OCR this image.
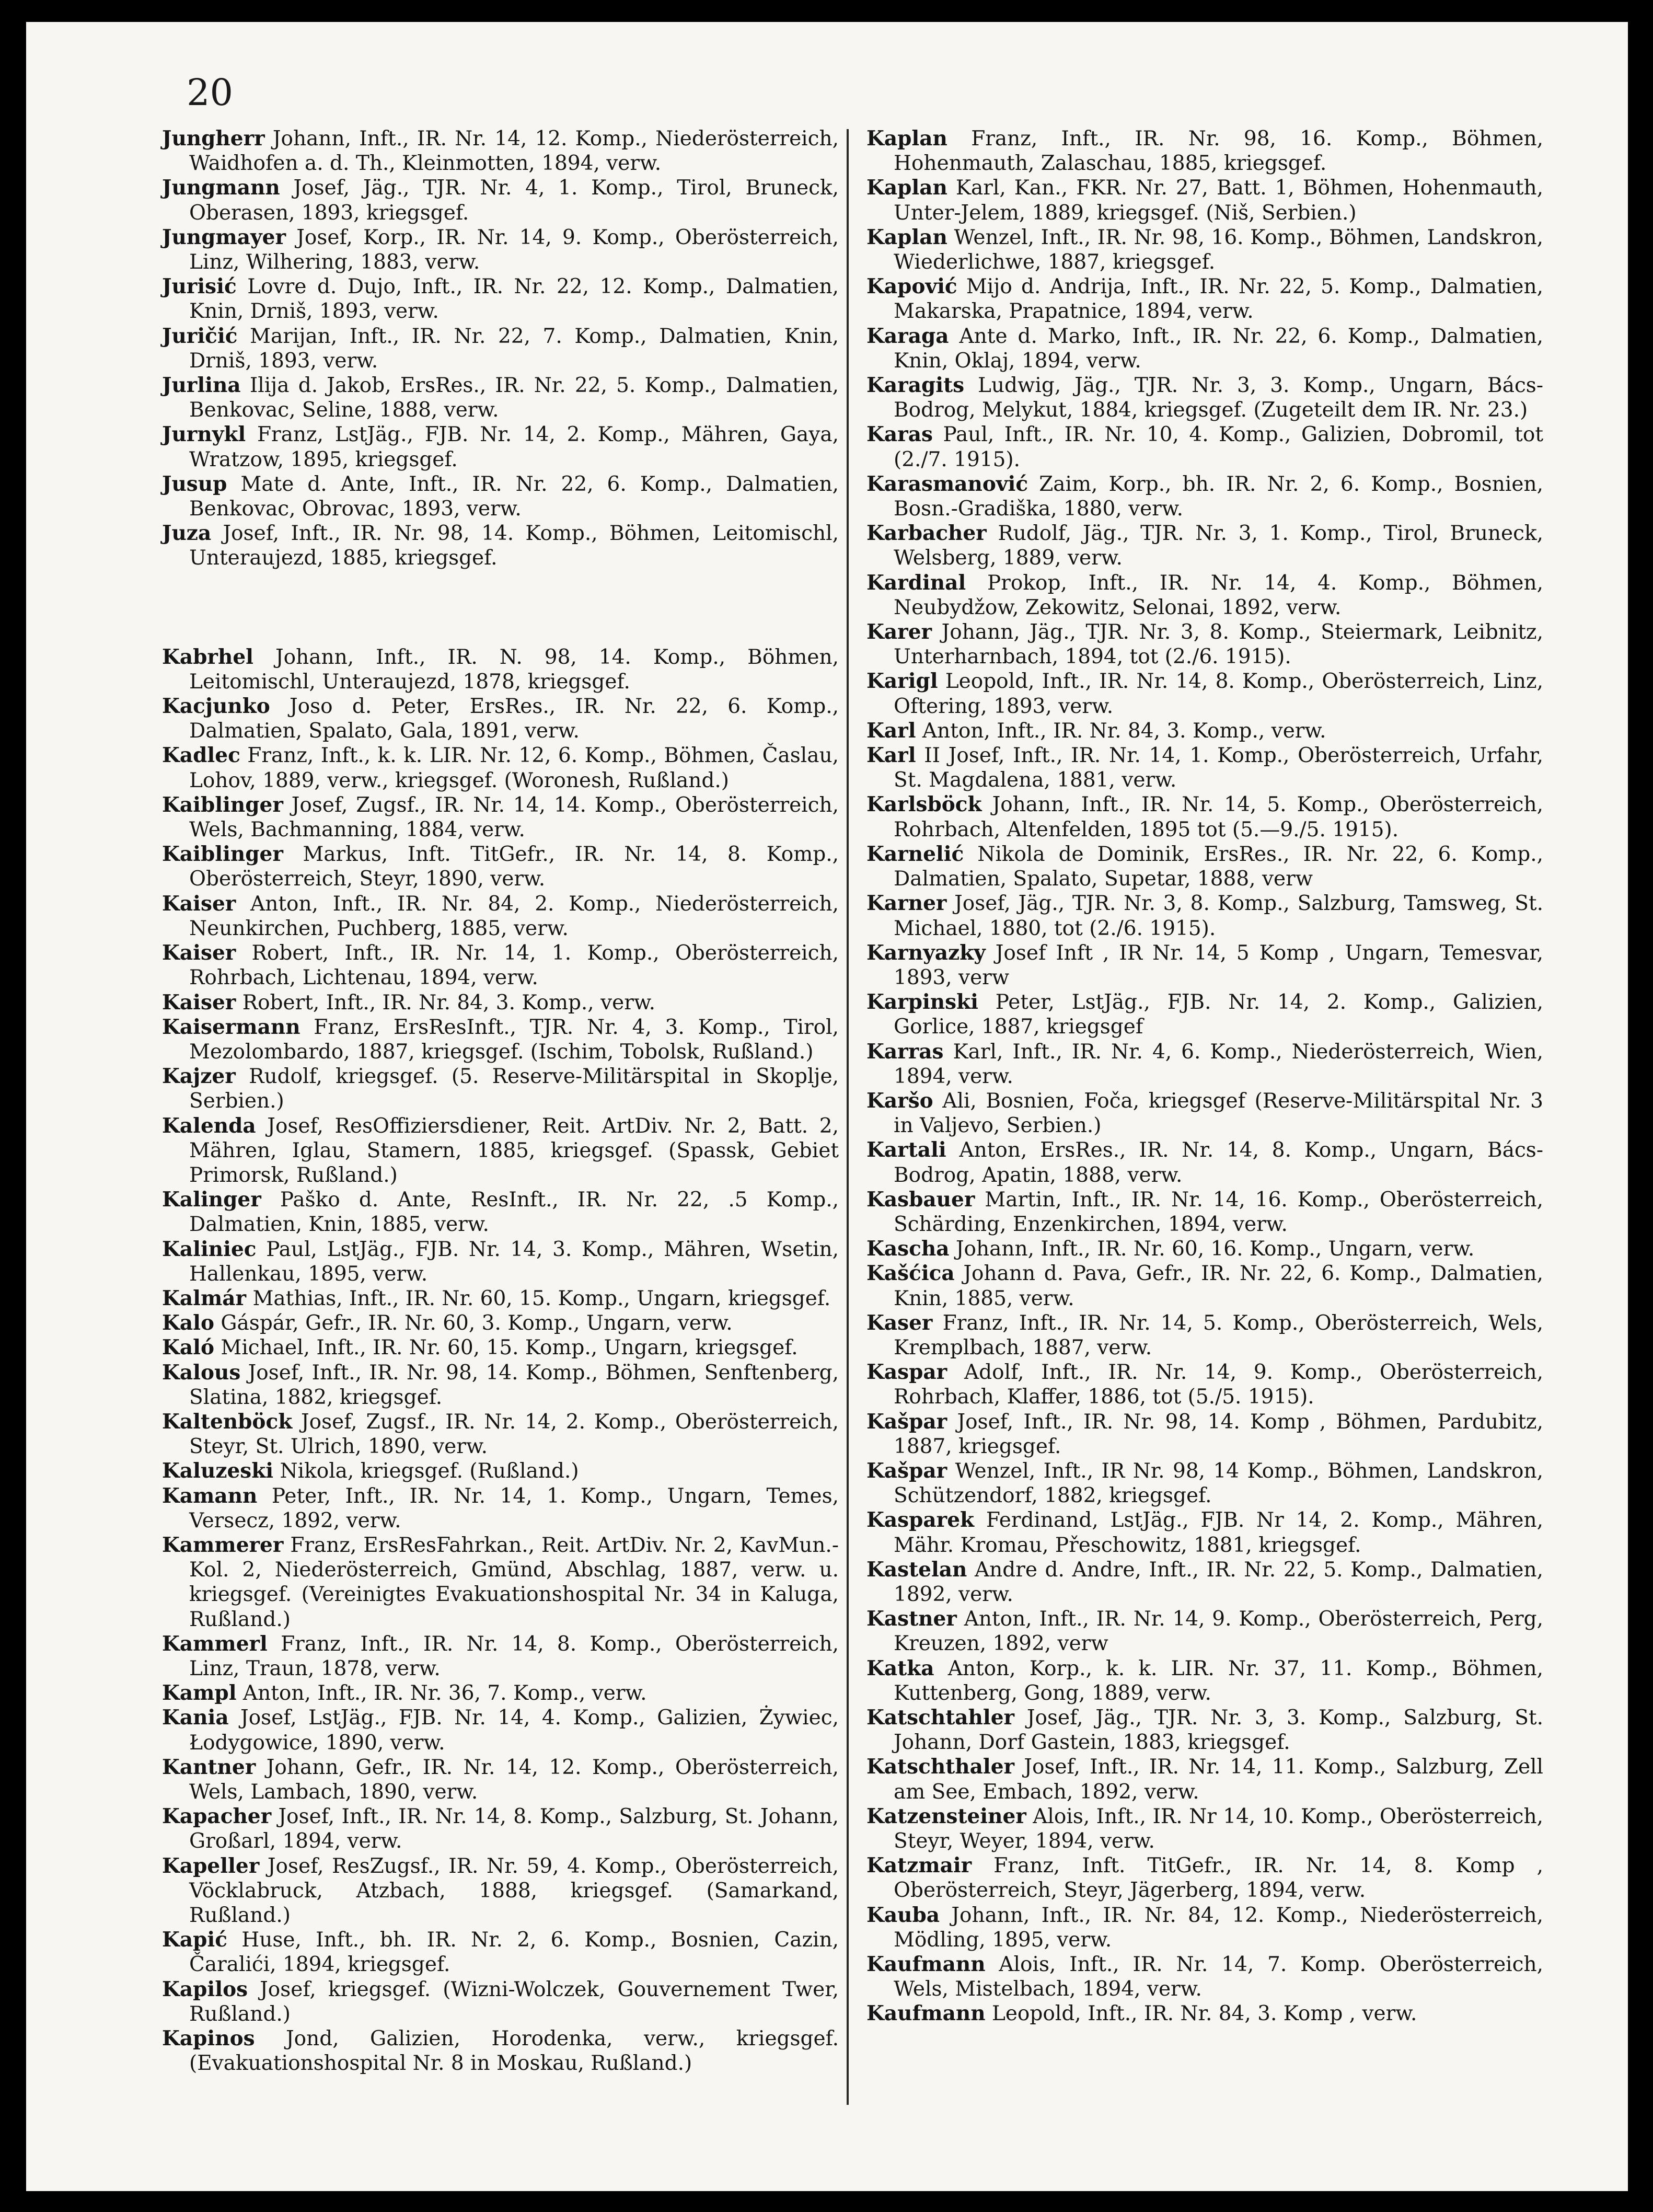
20

Jungherr Johann, Inft., IR. Nr. 14, 12. Komp., Niederösterreich, Waidhofen a. d. Th., Kleinmotten, 1894, verw.

Jungmann Josef, Jäg., TJR. Nr. 4, 1. Komp., Tirol, Bruneck, Oberasen, 1893, kriegsgef.

Jungmayer Josef, Korp., IR. Nr. 14, 9. Komp., Oberösterreich, Linz, Wilhering, 1883, verw.

Jurisić Lovre d. Dujo, Inft., IR. Nr. 22, 12. Komp., Dalmatien, Knin, Drniš, 1893, verw.

Juričić Marijan, Inft., IR. Nr. 22, 7. Komp., Dalmatien, Knin, Drniš, 1893, verw.

Jurlina Ilija d. Jakob, ErsRes., IR. Nr. 22, 5. Komp., Dalmatien, Benkovac, Seline, 1888, verw.

Jurnykl Franz, LstJäg., FJB. Nr. 14, 2. Komp., Mähren, Gaya, Wratzow, 1895, kriegsgef.

Jusup Mate d. Ante, Inft., IR. Nr. 22, 6. Komp., Dalmatien, Benkovac, Obrovac, 1893, verw.

Juza Josef, Inft., IR. Nr. 98, 14. Komp., Böhmen, Leitomischl, Unteraujezd, 1885, kriegsgef.

Kabrhel Johann, Inft., IR. N. 98, 14. Komp., Böhmen, Leitomischl, Unteraujezd, 1878, kriegsgef.

Kacjunko Joso d. Peter, ErsRes., IR. Nr. 22, 6. Komp., Dalmatien, Spalato, Gala, 1891, verw.

Kadlec Franz, Inft., k. k. LIR. Nr. 12, 6. Komp., Böhmen, Časlau, Lohov, 1889, verw., kriegsgef. (Woronesh, Rußland.)

Kaiblinger Josef, Zugsf., IR. Nr. 14, 14. Komp., Oberösterreich, Wels, Bachmanning, 1884, verw.

Kaiblinger Markus, Inft. TitGefr., IR. Nr. 14, 8. Komp., Oberösterreich, Steyr, 1890, verw.

Kaiser Anton, Inft., IR. Nr. 84, 2. Komp., Niederösterreich, Neunkirchen, Puchberg, 1885, verw.

Kaiser Robert, Inft., IR. Nr. 14, 1. Komp., Oberösterreich, Rohrbach, Lichtenau, 1894, verw.

Kaiser Robert, Inft., IR. Nr. 84, 3. Komp., verw.

Kaisermann Franz, ErsResInft., TJR. Nr. 4, 3. Komp., Tirol, Mezolombardo, 1887, kriegsgef. (Ischim, Tobolsk, Rußland.)

Kajzer Rudolf, kriegsgef. (5. Reserve-Militärspital in Skoplje, Serbien.)

Kalenda Josef, ResOffiziersdiener, Reit. ArtDiv. Nr. 2, Batt. 2, Mähren, Iglau, Stamern, 1885, kriegsgef. (Spassk, Gebiet Primorsk, Rußland.)

Kalinger Paško d. Ante, ResInft., IR. Nr. 22, .5 Komp., Dalmatien, Knin, 1885, verw.

Kaliniec Paul, LstJäg., FJB. Nr. 14, 3. Komp., Mähren, Wsetin, Hallenkau, 1895, verw.

Kalmár Mathias, Inft., IR. Nr. 60, 15. Komp., Ungarn, kriegsgef.

Kalo Gáspár, Gefr., IR. Nr. 60, 3. Komp., Ungarn, verw.

Kaló Michael, Inft., IR. Nr. 60, 15. Komp., Ungarn, kriegsgef.

Kalous Josef, Inft., IR. Nr. 98, 14. Komp., Böhmen, Senftenberg, Slatina, 1882, kriegsgef.

Kaltenböck Josef, Zugsf., IR. Nr. 14, 2. Komp., Oberösterreich, Steyr, St. Ulrich, 1890, verw.

Kaluzeski Nikola, kriegsgef. (Rußland.)

Kamann Peter, Inft., IR. Nr. 14, 1. Komp., Ungarn, Temes, Versecz, 1892, verw.

Kammerer Franz, ErsResFahrkan., Reit. ArtDiv. Nr. 2, KavMun.-Kol. 2, Niederösterreich, Gmünd, Abschlag, 1887, verw. u. kriegsgef. (Vereinigtes Evakuationshospital Nr. 34 in Kaluga, Rußland.)

Kammerl Franz, Inft., IR. Nr. 14, 8. Komp., Oberösterreich, Linz, Traun, 1878, verw.

Kampl Anton, Inft., IR. Nr. 36, 7. Komp., verw.

Kania Josef, LstJäg., FJB. Nr. 14, 4. Komp., Galizien, Żywiec, Łodygowice, 1890, verw.

Kantner Johann, Gefr., IR. Nr. 14, 12. Komp., Oberösterreich, Wels, Lambach, 1890, verw.

Kapacher Josef, Inft., IR. Nr. 14, 8. Komp., Salzburg, St. Johann, Großarl, 1894, verw.

Kapeller Josef, ResZugsf., IR. Nr. 59, 4. Komp., Oberösterreich, Vöcklabruck, Atzbach, 1888, kriegsgef. (Samarkand, Rußland.)

Kapić Huse, Inft., bh. IR. Nr. 2, 6. Komp., Bosnien, Cazin, Čaralići, 1894, kriegsgef.

Kapilos Josef, kriegsgef. (Wizni-Wolczek, Gouvernement Twer, Rußland.)

Kapinos Jond, Galizien, Horodenka, verw., kriegsgef. (Evakuationshospital Nr. 8 in Moskau, Rußland.)

Kaplan Franz, Inft., IR. Nr. 98, 16. Komp., Böhmen, Hohenmauth, Zalaschau, 1885, kriegsgef.

Kaplan Karl, Kan., FKR. Nr. 27, Batt. 1, Böhmen, Hohenmauth, Unter-Jelem, 1889, kriegsgef. (Niš, Serbien.)

Kaplan Wenzel, Inft., IR. Nr. 98, 16. Komp., Böhmen, Landskron, Wiederlichwe, 1887, kriegsgef.

Kapović Mijo d. Andrija, Inft., IR. Nr. 22, 5. Komp., Dalmatien, Makarska, Prapatnice, 1894, verw.

Karaga Ante d. Marko, Inft., IR. Nr. 22, 6. Komp., Dalmatien, Knin, Oklaj, 1894, verw.

Karagits Ludwig, Jäg., TJR. Nr. 3, 3. Komp., Ungarn, Bács-Bodrog, Melykut, 1884, kriegsgef. (Zugeteilt dem IR. Nr. 23.)

Karas Paul, Inft., IR. Nr. 10, 4. Komp., Galizien, Dobromil, tot (2./7. 1915).

Karasmanović Zaim, Korp., bh. IR. Nr. 2, 6. Komp., Bosnien, Bosn.-Gradiška, 1880, verw.

Karbacher Rudolf, Jäg., TJR. Nr. 3, 1. Komp., Tirol, Bruneck, Welsberg, 1889, verw.

Kardinal Prokop, Inft., IR. Nr. 14, 4. Komp., Böhmen, Neubydžow, Zekowitz, Selonai, 1892, verw.

Karer Johann, Jäg., TJR. Nr. 3, 8. Komp., Steiermark, Leibnitz, Unterharnbach, 1894, tot (2./6. 1915).

Karigl Leopold, Inft., IR. Nr. 14, 8. Komp., Oberösterreich, Linz, Oftering, 1893, verw.

Karl Anton, Inft., IR. Nr. 84, 3. Komp., verw.

Karl II Josef, Inft., IR. Nr. 14, 1. Komp., Oberösterreich, Urfahr, St. Magdalena, 1881, verw.

Karlsböck Johann, Inft., IR. Nr. 14, 5. Komp., Oberösterreich, Rohrbach, Altenfelden, 1895 tot (5.—9./5. 1915).

Karnelić Nikola de Dominik, ErsRes., IR. Nr. 22, 6. Komp., Dalmatien, Spalato, Supetar, 1888, verw

Karner Josef, Jäg., TJR. Nr. 3, 8. Komp., Salzburg, Tamsweg, St. Michael, 1880, tot (2./6. 1915).

Karnyazky Josef Inft , IR Nr. 14, 5 Komp , Ungarn, Temesvar, 1893, verw

Karpinski Peter, LstJäg., FJB. Nr. 14, 2. Komp., Galizien, Gorlice, 1887, kriegsgef

Karras Karl, Inft., IR. Nr. 4, 6. Komp., Niederösterreich, Wien, 1894, verw.

Karšo Ali, Bosnien, Foča, kriegsgef (Reserve-Militärspital Nr. 3 in Valjevo, Serbien.)

Kartali Anton, ErsRes., IR. Nr. 14, 8. Komp., Ungarn, Bács-Bodrog, Apatin, 1888, verw.

Kasbauer Martin, Inft., IR. Nr. 14, 16. Komp., Oberösterreich, Schärding, Enzenkirchen, 1894, verw.

Kascha Johann, Inft., IR. Nr. 60, 16. Komp., Ungarn, verw.

Kašćica Johann d. Pava, Gefr., IR. Nr. 22, 6. Komp., Dalmatien, Knin, 1885, verw.

Kaser Franz, Inft., IR. Nr. 14, 5. Komp., Oberösterreich, Wels, Kremplbach, 1887, verw.

Kaspar Adolf, Inft., IR. Nr. 14, 9. Komp., Oberösterreich, Rohrbach, Klaffer, 1886, tot (5./5. 1915).

Kašpar Josef, Inft., IR. Nr. 98, 14. Komp , Böhmen, Pardubitz, 1887, kriegsgef.

Kašpar Wenzel, Inft., IR Nr. 98, 14 Komp., Böhmen, Landskron, Schützendorf, 1882, kriegsgef.

Kasparek Ferdinand, LstJäg., FJB. Nr 14, 2. Komp., Mähren, Mähr. Kromau, Přeschowitz, 1881, kriegsgef.

Kastelan Andre d. Andre, Inft., IR. Nr. 22, 5. Komp., Dalmatien, 1892, verw.

Kastner Anton, Inft., IR. Nr. 14, 9. Komp., Oberösterreich, Perg, Kreuzen, 1892, verw

Katka Anton, Korp., k. k. LIR. Nr. 37, 11. Komp., Böhmen, Kuttenberg, Gong, 1889, verw.

Katschtahler Josef, Jäg., TJR. Nr. 3, 3. Komp., Salzburg, St. Johann, Dorf Gastein, 1883, kriegsgef.

Katschthaler Josef, Inft., IR. Nr. 14, 11. Komp., Salzburg, Zell am See, Embach, 1892, verw.

Katzensteiner Alois, Inft., IR. Nr 14, 10. Komp., Oberösterreich, Steyr, Weyer, 1894, verw.

Katzmair Franz, Inft. TitGefr., IR. Nr. 14, 8. Komp , Oberösterreich, Steyr, Jägerberg, 1894, verw.

Kauba Johann, Inft., IR. Nr. 84, 12. Komp., Niederösterreich, Mödling, 1895, verw.

Kaufmann Alois, Inft., IR. Nr. 14, 7. Komp. Oberösterreich, Wels, Mistelbach, 1894, verw.

Kaufmann Leopold, Inft., IR. Nr. 84, 3. Komp , verw.
